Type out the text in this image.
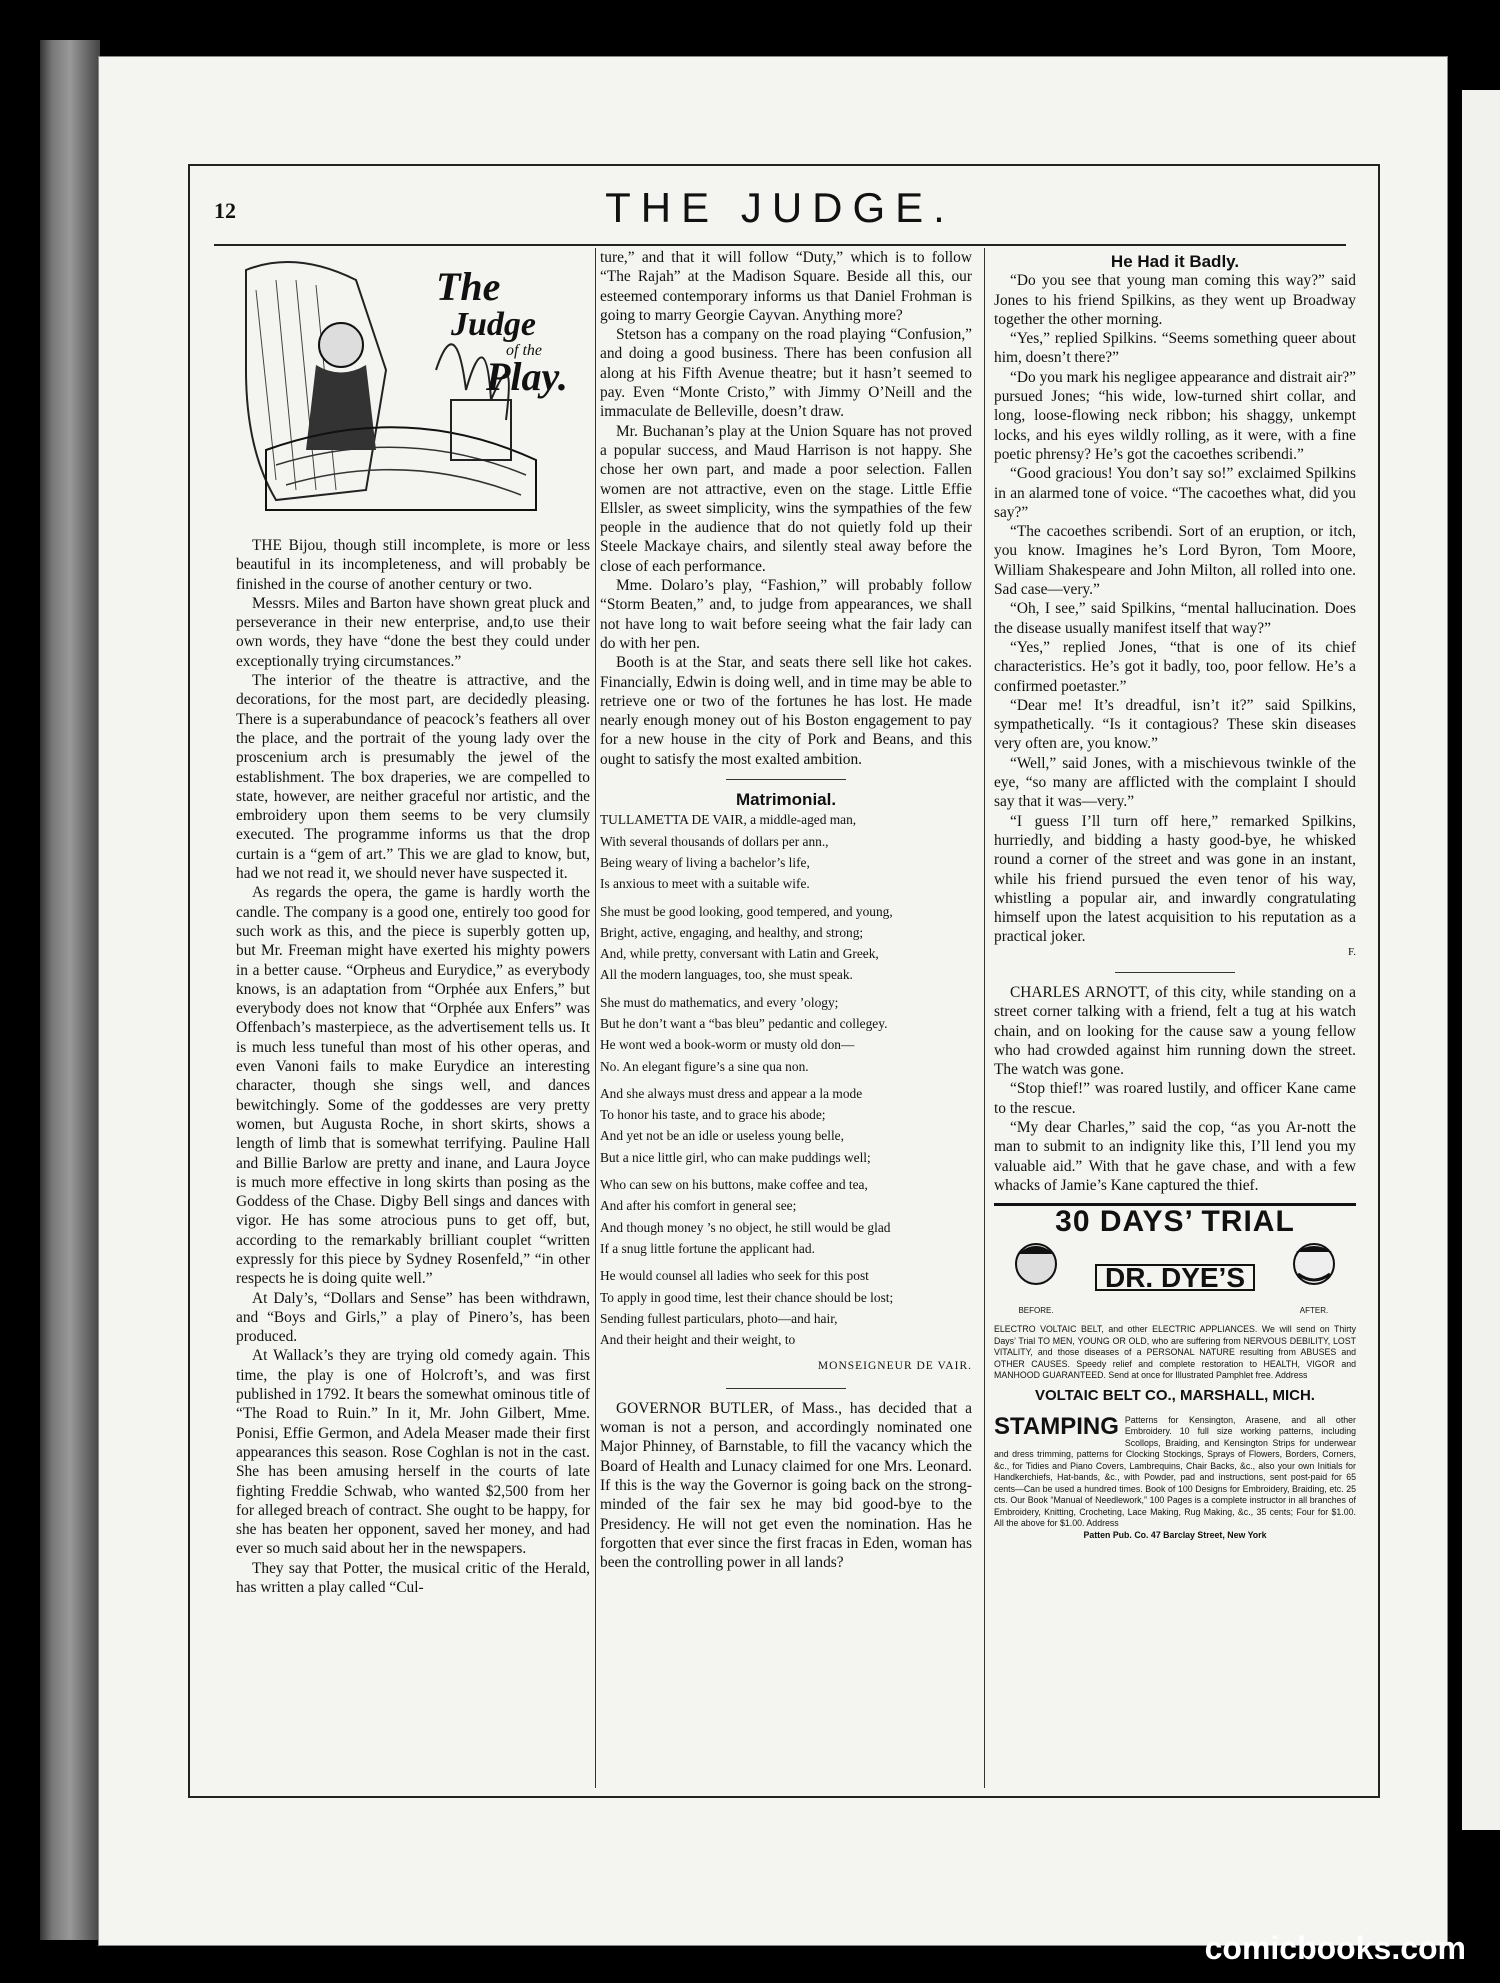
12	THE JUDGE.
The
Judge
of the
Play.

THE Bijou, though still incomplete, is more or less beautiful in its incompleteness, and will probably be finished in the course of another century or two.

Messrs. Miles and Barton have shown great pluck and perseverance in their new enterprise, and,to use their own words, they have “done the best they could under exceptionally trying circumstances.”

The interior of the theatre is attractive, and the decorations, for the most part, are decidedly pleasing. There is a superabundance of peacock’s feathers all over the place, and the portrait of the young lady over the proscenium arch is presumably the jewel of the establishment. The box draperies, we are compelled to state, however, are neither graceful nor artistic, and the embroidery upon them seems to be very clumsily executed. The programme informs us that the drop curtain is a “gem of art.” This we are glad to know, but, had we not read it, we should never have suspected it.

As regards the opera, the game is hardly worth the candle. The company is a good one, entirely too good for such work as this, and the piece is superbly gotten up, but Mr. Freeman might have exerted his mighty powers in a better cause. “Orpheus and Eurydice,” as everybody knows, is an adaptation from “Orphée aux Enfers,” but everybody does not know that “Orphée aux Enfers” was Offenbach’s masterpiece, as the advertisement tells us. It is much less tuneful than most of his other operas, and even Vanoni fails to make Eurydice an interesting character, though she sings well, and dances bewitchingly. Some of the goddesses are very pretty women, but Augusta Roche, in short skirts, shows a length of limb that is somewhat terrifying. Pauline Hall and Billie Barlow are pretty and inane, and Laura Joyce is much more effective in long skirts than posing as the Goddess of the Chase. Digby Bell sings and dances with vigor. He has some atrocious puns to get off, but, according to the remarkably brilliant couplet “written expressly for this piece by Sydney Rosenfeld,” “in other respects he is doing quite well.”

At Daly’s, “Dollars and Sense” has been withdrawn, and “Boys and Girls,” a play of Pinero’s, has been produced.

At Wallack’s they are trying old comedy again. This time, the play is one of Holcroft’s, and was first published in 1792. It bears the somewhat ominous title of “The Road to Ruin.” In it, Mr. John Gilbert, Mme. Ponisi, Effie Germon, and Adela Measer made their first appearances this season. Rose Coghlan is not in the cast. She has been amusing herself in the courts of late fighting Freddie Schwab, who wanted $2,500 from her for alleged breach of contract. She ought to be happy, for she has beaten her opponent, saved her money, and had ever so much said about her in the newspapers.

They say that Potter, the musical critic of the Herald, has written a play called “Cul-

ture,” and that it will follow “Duty,” which is to follow “The Rajah” at the Madison Square. Beside all this, our esteemed contemporary informs us that Daniel Frohman is going to marry Georgie Cayvan. Anything more?

Stetson has a company on the road playing “Confusion,” and doing a good business. There has been confusion all along at his Fifth Avenue theatre; but it hasn’t seemed to pay. Even “Monte Cristo,” with Jimmy O’Neill and the immaculate de Belleville, doesn’t draw.

Mr. Buchanan’s play at the Union Square has not proved a popular success, and Maud Harrison is not happy. She chose her own part, and made a poor selection. Fallen women are not attractive, even on the stage. Little Effie Ellsler, as sweet simplicity, wins the sympathies of the few people in the audience that do not quietly fold up their Steele Mackaye chairs, and silently steal away before the close of each performance.

Mme. Dolaro’s play, “Fashion,” will probably follow “Storm Beaten,” and, to judge from appearances, we shall not have long to wait before seeing what the fair lady can do with her pen.

Booth is at the Star, and seats there sell like hot cakes. Financially, Edwin is doing well, and in time may be able to retrieve one or two of the fortunes he has lost. He made nearly enough money out of his Boston engagement to pay for a new house in the city of Pork and Beans, and this ought to satisfy the most exalted ambition.

Matrimonial.

TULLAMETTA DE VAIR, a middle-aged man,
With several thousands of dollars per ann.,
Being weary of living a bachelor’s life,
Is anxious to meet with a suitable wife.
She must be good looking, good tempered, and young,
Bright, active, engaging, and healthy, and strong;
And, while pretty, conversant with Latin and Greek,
All the modern languages, too, she must speak.
She must do mathematics, and every ’ology;
But he don’t want a “bas bleu” pedantic and collegey.
He wont wed a book-worm or musty old don—
No. An elegant figure’s a sine qua non.
And she always must dress and appear a la mode
To honor his taste, and to grace his abode;
And yet not be an idle or useless young belle,
But a nice little girl, who can make puddings well;
Who can sew on his buttons, make coffee and tea,
And after his comfort in general see;
And though money ’s no object, he still would be glad
If a snug little fortune the applicant had.
He would counsel all ladies who seek for this post
To apply in good time, lest their chance should be lost;
Sending fullest particulars, photo—and hair,
And their height and their weight, to
MONSEIGNEUR DE VAIR.

GOVERNOR BUTLER, of Mass., has decided that a woman is not a person, and accordingly nominated one Major Phinney, of Barnstable, to fill the vacancy which the Board of Health and Lunacy claimed for one Mrs. Leonard. If this is the way the Governor is going back on the strong-minded of the fair sex he may bid good-bye to the Presidency. He will not get even the nomination. Has he forgotten that ever since the first fracas in Eden, woman has been the controlling power in all lands?

He Had it Badly.

“Do you see that young man coming this way?” said Jones to his friend Spilkins, as they went up Broadway together the other morning.

“Yes,” replied Spilkins. “Seems something queer about him, doesn’t there?”

“Do you mark his negligee appearance and distrait air?” pursued Jones; “his wide, low-turned shirt collar, and long, loose-flowing neck ribbon; his shaggy, unkempt locks, and his eyes wildly rolling, as it were, with a fine poetic phrensy? He’s got the cacoethes scribendi.”

“Good gracious! You don’t say so!” exclaimed Spilkins in an alarmed tone of voice. “The cacoethes what, did you say?”

“The cacoethes scribendi. Sort of an eruption, or itch, you know. Imagines he’s Lord Byron, Tom Moore, William Shakespeare and John Milton, all rolled into one. Sad case—very.”

“Oh, I see,” said Spilkins, “mental hallucination. Does the disease usually manifest itself that way?”

“Yes,” replied Jones, “that is one of its chief characteristics. He’s got it badly, too, poor fellow. He’s a confirmed poetaster.”

“Dear me! It’s dreadful, isn’t it?” said Spilkins, sympathetically. “Is it contagious? These skin diseases very often are, you know.”

“Well,” said Jones, with a mischievous twinkle of the eye, “so many are afflicted with the complaint I should say that it was—very.”

“I guess I’ll turn off here,” remarked Spilkins, hurriedly, and bidding a hasty good-bye, he whisked round a corner of the street and was gone in an instant, while his friend pursued the even tenor of his way, whistling a popular air, and inwardly congratulating himself upon the latest acquisition to his reputation as a practical joker.

F.

CHARLES ARNOTT, of this city, while standing on a street corner talking with a friend, felt a tug at his watch chain, and on looking for the cause saw a young fellow who had crowded against him running down the street. The watch was gone.

“Stop thief!” was roared lustily, and officer Kane came to the rescue.

“My dear Charles,” said the cop, “as you Ar-nott the man to submit to an indignity like this, I’ll lend you my valuable aid.” With that he gave chase, and with a few whacks of Jamie’s Kane captured the thief.

30 DAYS’ TRIAL
BEFORE.
DR. DYE’S
AFTER.
ELECTRO VOLTAIC BELT, and other ELECTRIC APPLIANCES. We will send on Thirty Days’ Trial TO MEN, YOUNG OR OLD, who are suffering from NERVOUS DEBILITY, LOST VITALITY, and those diseases of a PERSONAL NATURE resulting from ABUSES and OTHER CAUSES. Speedy relief and complete restoration to HEALTH, VIGOR and MANHOOD GUARANTEED. Send at once for Illustrated Pamphlet free. Address
VOLTAIC BELT CO., MARSHALL, MICH.
STAMPING Patterns for Kensington, Arasene, and all other Embroidery. 10 full size working patterns, including Scollops, Braiding, and Kensington Strips for underwear and dress trimming, patterns for Clocking Stockings, Sprays of Flowers, Borders, Corners, &c., for Tidies and Piano Covers, Lambrequins, Chair Backs, &c., also your own Initials for Handkerchiefs, Hat-bands, &c., with Powder, pad and instructions, sent post-paid for 65 cents—Can be used a hundred times. Book of 100 Designs for Embroidery, Braiding, etc. 25 cts. Our Book “Manual of Needlework,” 100 Pages is a complete instructor in all branches of Embroidery, Knitting, Crocheting, Lace Making, Rug Making, &c., 35 cents; Four for $1.00. All the above for $1.00. Address
Patten Pub. Co. 47 Barclay Street, New York
comicbooks.com
